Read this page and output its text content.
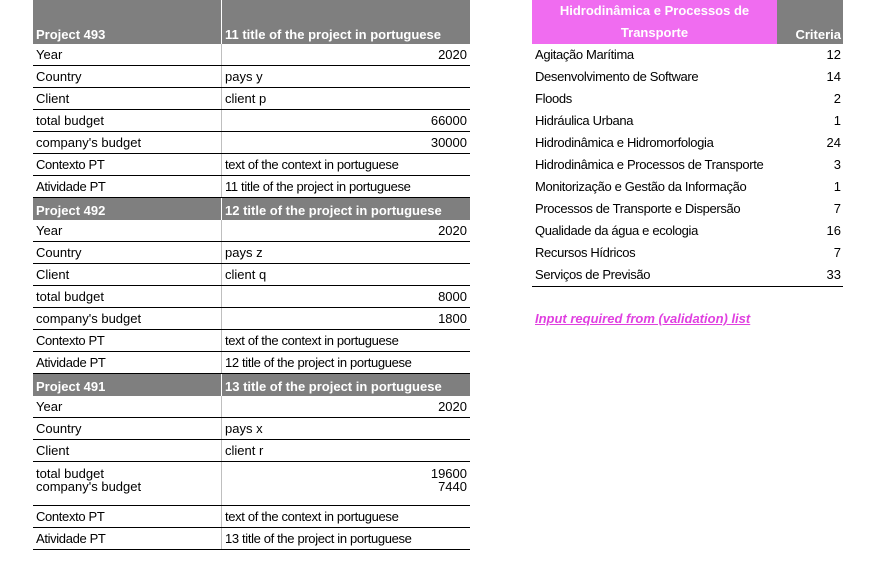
Project 493	11 title of the project in portuguese
Year	2020
Country	pays y
Client	client p
total budget	66000
company's budget	30000
Contexto PT	text of the context in portuguese
Atividade PT	11 title of the project in portuguese
Project 492	12 title of the project in portuguese
Year	2020
Country	pays z
Client	client q
total budget	8000
company's budget	1800
Contexto PT	text of the context in portuguese
Atividade PT	12 title of the project in portuguese
Project 491	13 title of the project in portuguese
Year	2020
Country	pays x
Client	client r
total budget	19600
company's budget	7440
Contexto PT	text of the context in portuguese
Atividade PT	13 title of the project in portuguese
Hidrodinâmica e Processos de Transporte	Criteria
Agitação Marítima	12
Desenvolvimento de Software	14
Floods	2
Hidráulica Urbana	1
Hidrodinâmica e Hidromorfologia	24
Hidrodinâmica e Processos de Transporte	3
Monitorização e Gestão da Informação	1
Processos de Transporte e Dispersão	7
Qualidade da água e ecologia	16
Recursos Hídricos	7
Serviços de Previsão	33
Input required from (validation) list
